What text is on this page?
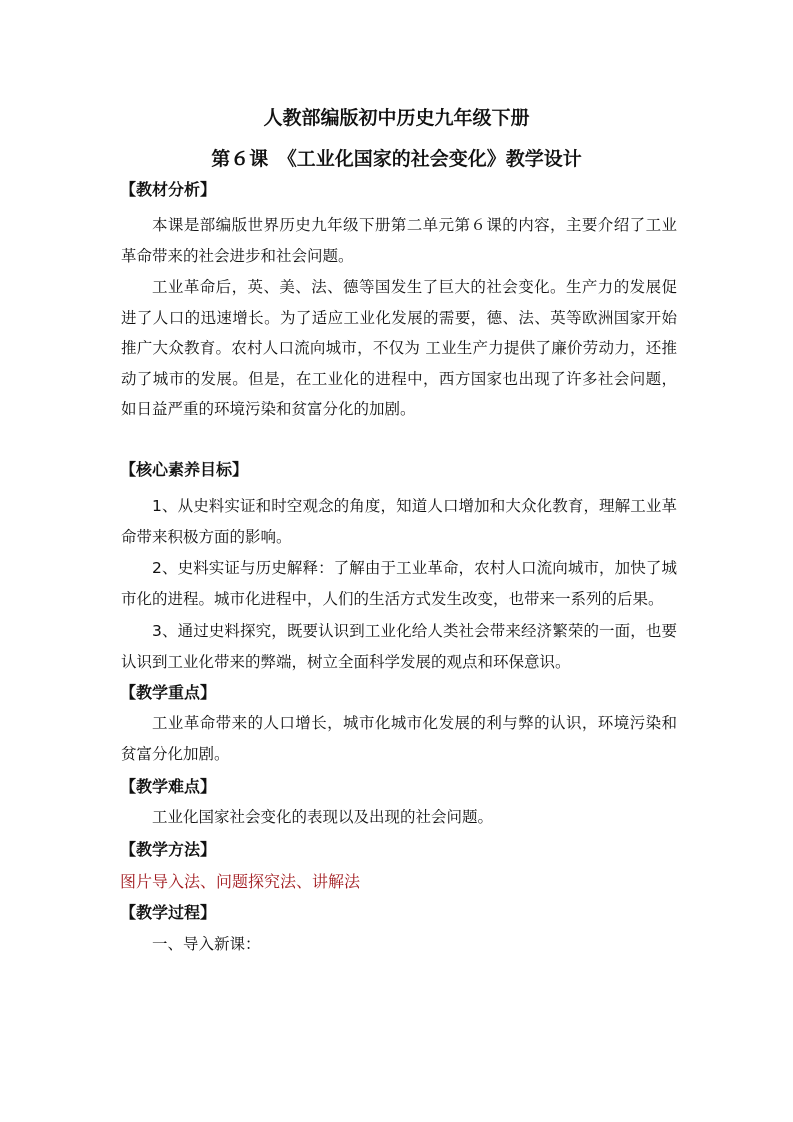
人教部编版初中历史九年级下册
第６课　《工业化国家的社会变化》教学设计
【教材分析】

本课是部编版世界历史九年级下册第二单元第６课的内容，主要介绍了工业革命带来的社会进步和社会问题。

工业革命后，英、美、法、德等国发生了巨大的社会变化。生产力的发展促进了人口的迅速增长。为了适应工业化发展的需要，德、法、英等欧洲国家开始推广大众教育。农村人口流向城市，不仅为 工业生产力提供了廉价劳动力，还推动了城市的发展。但是，在工业化的进程中，西方国家也出现了许多社会问题，如日益严重的环境污染和贫富分化的加剧。

【核心素养目标】

1、从史料实证和时空观念的角度，知道人口增加和大众化教育，理解工业革命带来积极方面的影响。

2、史料实证与历史解释：了解由于工业革命，农村人口流向城市，加快了城市化的进程。城市化进程中，人们的生活方式发生改变，也带来一系列的后果。

3、通过史料探究，既要认识到工业化给人类社会带来经济繁荣的一面，也要认识到工业化带来的弊端，树立全面科学发展的观点和环保意识。

【教学重点】

工业革命带来的人口增长，城市化城市化发展的利与弊的认识，环境污染和贫富分化加剧。

【教学难点】

工业化国家社会变化的表现以及出现的社会问题。

【教学方法】
图片导入法、问题探究法、讲解法
【教学过程】
一、导入新课：
